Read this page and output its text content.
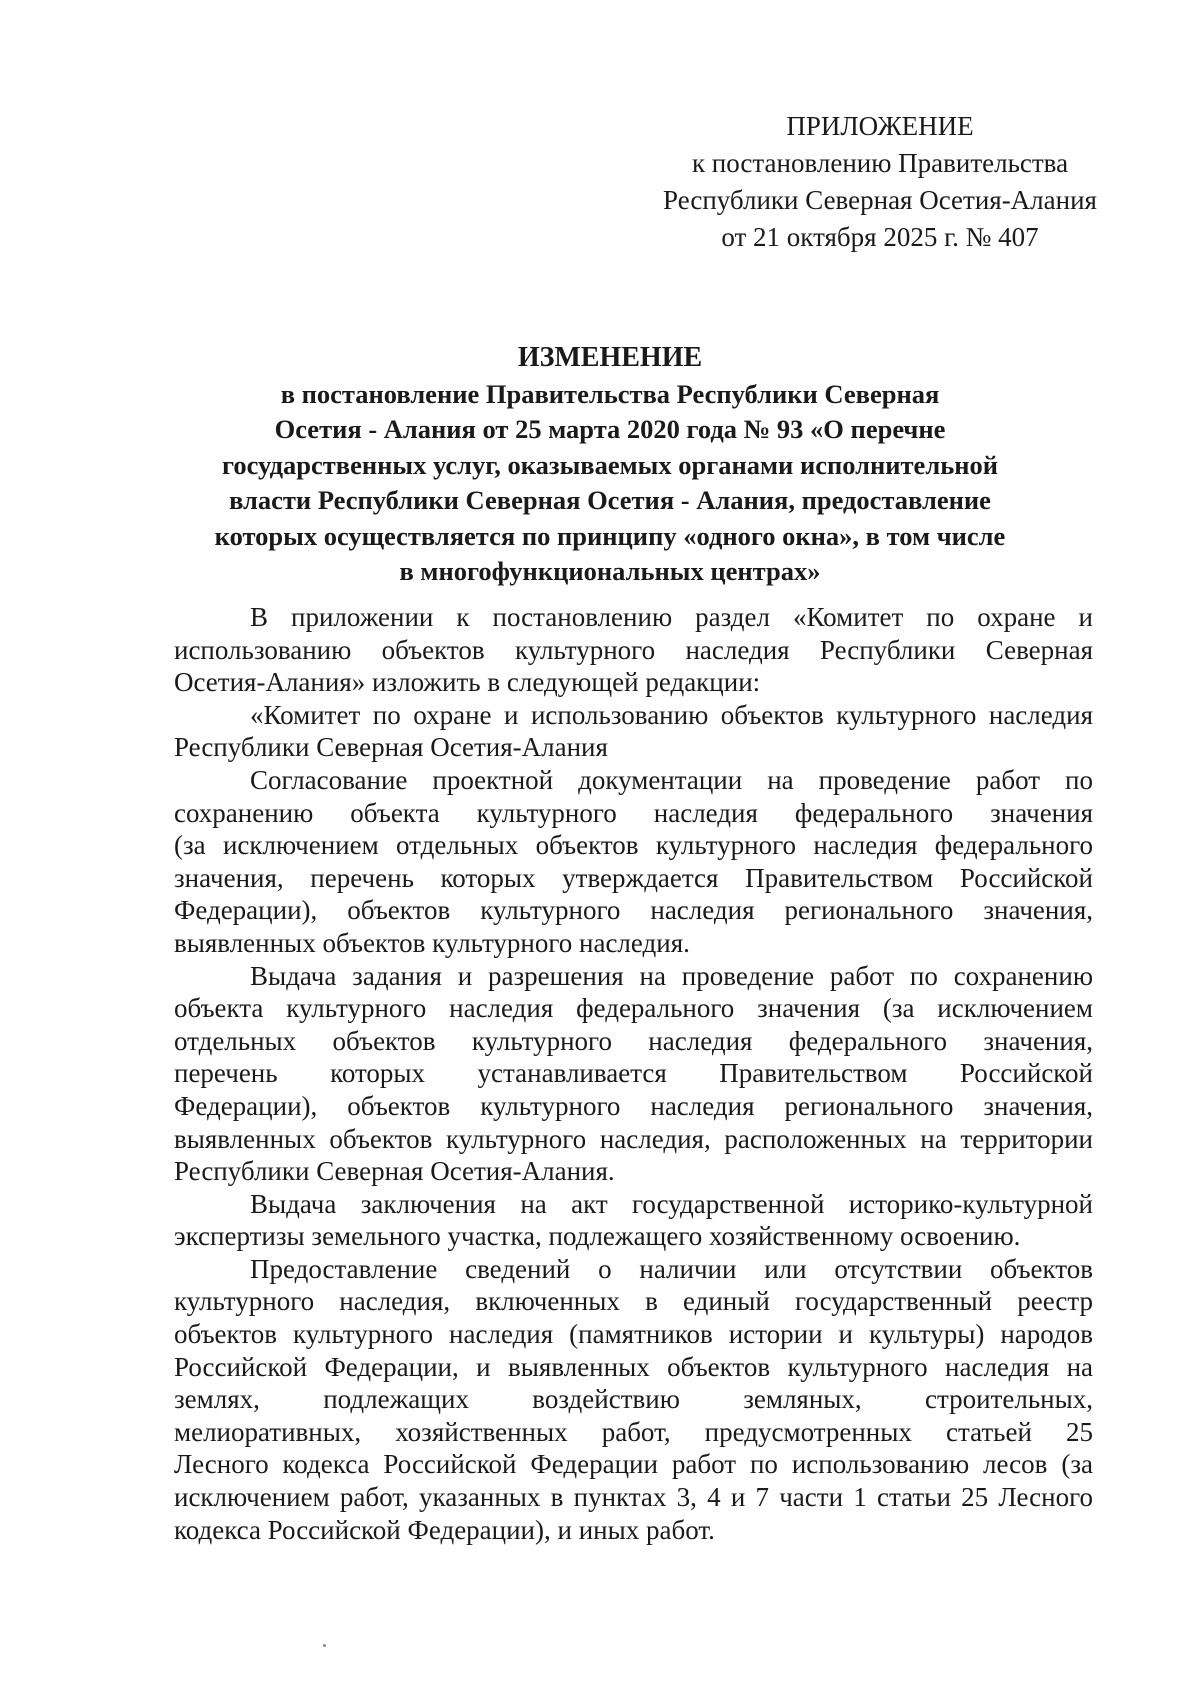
ПРИЛОЖЕНИЕ
к постановлению Правительства
Республики Северная Осетия-Алания
от 21 октября 2025 г. № 407
ИЗМЕНЕНИЕ
в постановление Правительства Республики Северная
Осетия - Алания от 25 марта 2020 года № 93 «О перечне
государственных услуг, оказываемых органами исполнительной
власти Республики Северная Осетия - Алания, предоставление
которых осуществляется по принципу «одного окна», в том числе
в многофункциональных центрах»
В приложении к постановлению раздел «Комитет по охране и
использованию объектов культурного наследия Республики Северная
Осетия-Алания» изложить в следующей редакции:
«Комитет по охране и использованию объектов культурного наследия
Республики Северная Осетия-Алания
Согласование проектной документации на проведение работ по
сохранению объекта культурного наследия федерального значения
(за исключением отдельных объектов культурного наследия федерального
значения, перечень которых утверждается Правительством Российской
Федерации), объектов культурного наследия регионального значения,
выявленных объектов культурного наследия.
Выдача задания и разрешения на проведение работ по сохранению
объекта культурного наследия федерального значения (за исключением
отдельных объектов культурного наследия федерального значения,
перечень которых устанавливается Правительством Российской
Федерации), объектов культурного наследия регионального значения,
выявленных объектов культурного наследия, расположенных на территории
Республики Северная Осетия-Алания.
Выдача заключения на акт государственной историко-культурной
экспертизы земельного участка, подлежащего хозяйственному освоению.
Предоставление сведений о наличии или отсутствии объектов
культурного наследия, включенных в единый государственный реестр
объектов культурного наследия (памятников истории и культуры) народов
Российской Федерации, и выявленных объектов культурного наследия на
землях, подлежащих воздействию земляных, строительных,
мелиоративных, хозяйственных работ, предусмотренных статьей 25
Лесного кодекса Российской Федерации работ по использованию лесов (за
исключением работ, указанных в пунктах 3, 4 и 7 части 1 статьи 25 Лесного
кодекса Российской Федерации), и иных работ.
